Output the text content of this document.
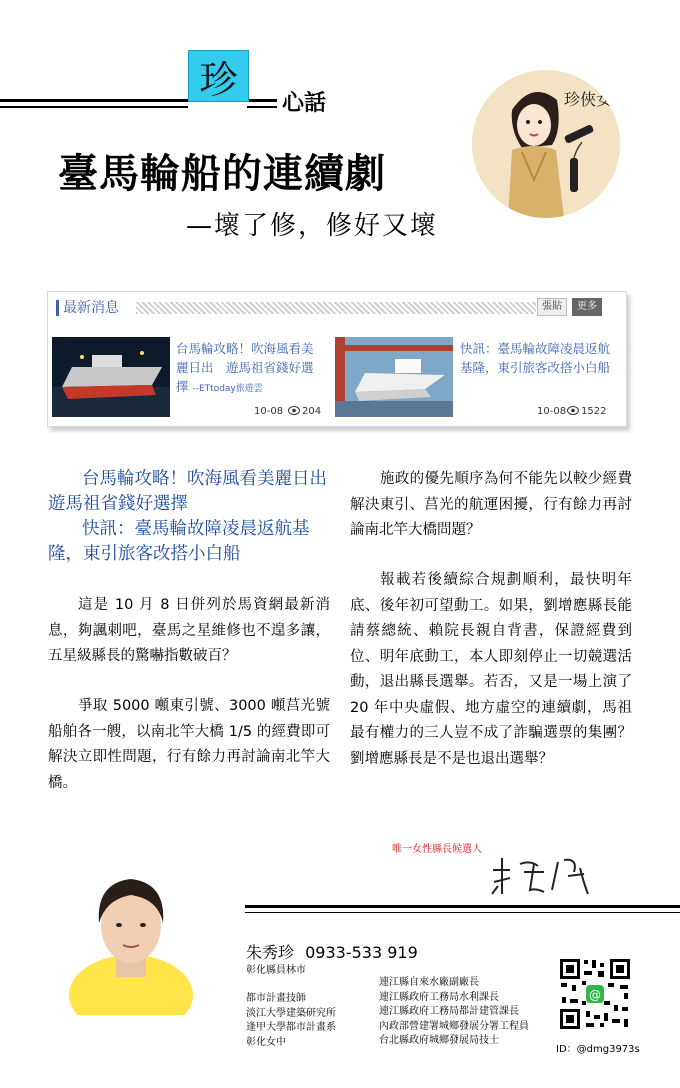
珍
心話
臺馬輪船的連續劇
—壞了修，修好又壞
珍俠女
最新消息	張貼	更多
台馬輪攻略！吹海風看美麗日出　遊馬祖省錢好選擇 --ETtoday旅遊雲
10-08 204
快訊：臺馬輪故障凌晨返航基隆，東引旅客改搭小白船
10-08 1522
台馬輪攻略！吹海風看美麗日出　遊馬祖省錢好選擇
快訊：臺馬輪故障凌晨返航基隆，東引旅客改搭小白船
這是 10 月 8 日併列於馬資網最新消息，夠諷刺吧，臺馬之星維修也不遑多讓，五星級縣長的驚嚇指數破百？
爭取 5000 噸東引號、3000 噸莒光號船舶各一艘，以南北竿大橋 1/5 的經費即可解決立即性問題，行有餘力再討論南北竿大橋。
施政的優先順序為何不能先以較少經費解決東引、莒光的航運困擾，行有餘力再討論南北竿大橋問題？
報載若後續綜合規劃順利，最快明年底、後年初可望動工。如果，劉增應縣長能請蔡總統、賴院長親自背書，保證經費到位、明年底動工，本人即刻停止一切競選活動，退出縣長選舉。若否，又是一場上演了 20 年中央虛假、地方虛空的連續劇，馬祖最有權力的三人豈不成了詐騙選票的集團？劉增應縣長是不是也退出選舉？
唯一女性縣長候選人
朱秀珍 0933-533 919
彰化縣員林市
都市計畫技師
淡江大學建築研究所
逢甲大學都市計畫系
彰化女中
連江縣自來水廠副廠長
連江縣政府工務局水利課長
連江縣政府工務局都計建管課長
內政部營建署城鄉發展分署工程員
台北縣政府城鄉發展局技士
@
ID：@dmg3973s
